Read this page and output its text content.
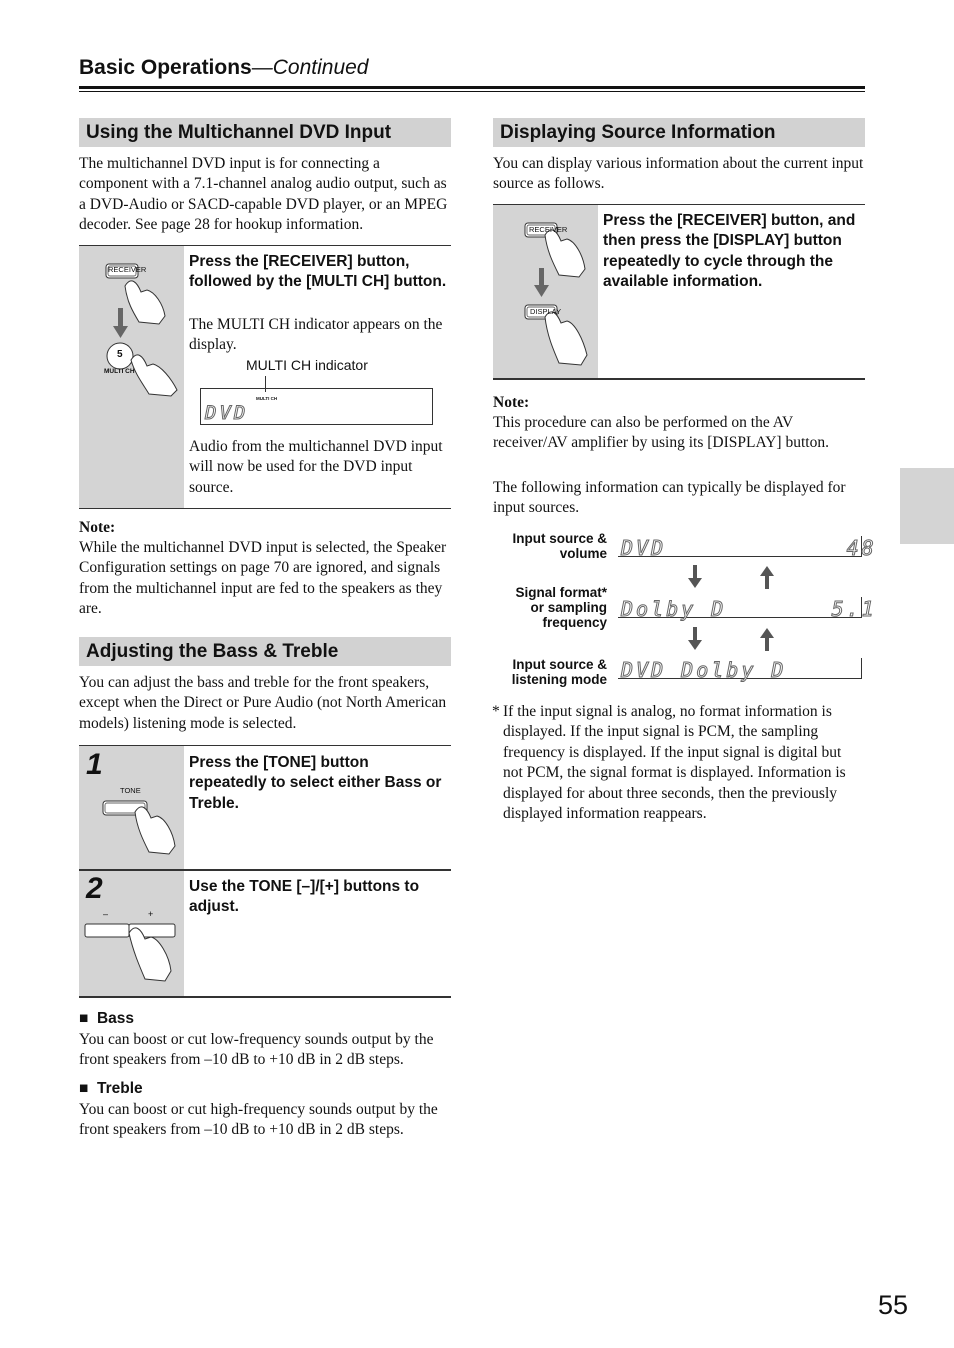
Basic Operations—Continued
Using the Multichannel DVD Input
The multichannel DVD input is for connecting a component with a 7.1-channel analog audio output, such as a DVD-Audio or SACD-capable DVD player, or an MPEG decoder. See page 28 for hookup information.
RECEIVER
5
MULTI CH
Press the [RECEIVER] button, followed by the [MULTI CH] button.
The MULTI CH indicator appears on the display.
MULTI CH indicator
MULTI CH
DVD
Audio from the multichannel DVD input will now be used for the DVD input source.
Note:
While the multichannel DVD input is selected, the Speaker Configuration settings on page 70 are ignored, and signals from the multichannel input are fed to the speakers as they are.
Adjusting the Bass & Treble
You can adjust the bass and treble for the front speakers, except when the Direct or Pure Audio (not North American models) listening mode is selected.
1
TONE
Press the [TONE] button repeatedly to select either Bass or Treble.
2
–	+
Use the TONE [–]/[+] buttons to adjust.
■  Bass
You can boost or cut low-frequency sounds output by the front speakers from –10 dB to +10 dB in 2 dB steps.
■  Treble
You can boost or cut high-frequency sounds output by the front speakers from –10 dB to +10 dB in 2 dB steps.
Displaying Source Information
You can display various information about the current input source as follows.
RECEIVER
DISPLAY
Press the [RECEIVER] button, and then press the [DISPLAY] button repeatedly to cycle through the available information.
Note:
This procedure can also be performed on the AV receiver/AV amplifier by using its [DISPLAY] button.
The following information can typically be displayed for input sources.
Input source &
volume DVD            48
Signal format*
or sampling
frequency
Dolby D       5.1
Input source &
listening mode DVD Dolby D
* If the input signal is analog, no format information is displayed. If the input signal is PCM, the sampling frequency is displayed. If the input signal is digital but not PCM, the signal format is displayed. Information is displayed for about three seconds, then the previously displayed information reappears.
55
